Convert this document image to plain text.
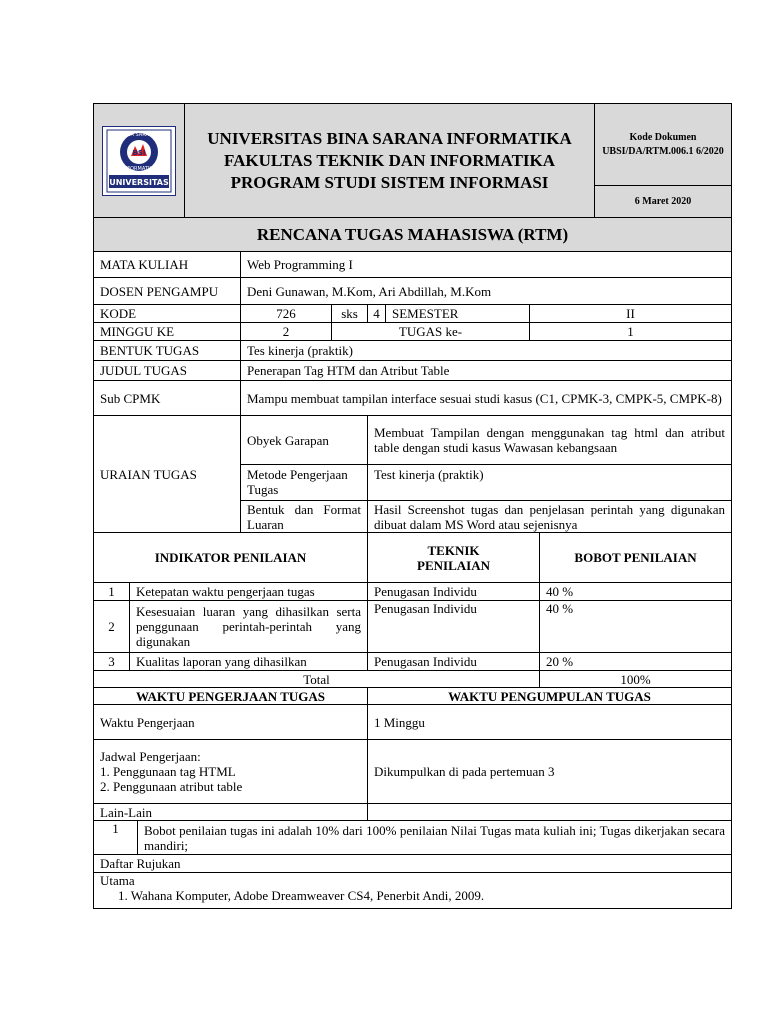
BINA SARANA
INFORMATIKA
BSI
UNIVERSITAS

UNIVERSITAS BINA SARANA INFORMATIKA
FAKULTAS TEKNIK DAN INFORMATIKA
PROGRAM STUDI SISTEM INFORMASI

Kode Dokumen
UBSI/DA/RTM.006.1 6/2020

6 Maret 2020
RENCANA TUGAS MAHASISWA (RTM)
MATA KULIAH	Web Programming I				
DOSEN PENGAMPU	Deni Gunawan, M.Kom, Ari Abdillah, M.Kom				
KODE	726	sks	4	SEMESTER	II
MINGGU KE	2	TUGAS ke-			1
BENTUK TUGAS	Tes kinerja (praktik)				
JUDUL TUGAS	Penerapan Tag HTM dan Atribut Table				
Sub CPMK	Mampu membuat tampilan interface sesuai studi kasus (C1, CPMK-3, CMPK-5, CMPK-8)				
URAIAN TUGAS	Obyek Garapan	Membuat Tampilan dengan menggunakan tag html dan atribut table dengan studi kasus Wawasan kebangsaan
	Metode Pengerjaan Tugas	Test kinerja (praktik)
	Bentuk dan Format Luaran	Hasil Screenshot tugas dan penjelasan perintah yang digunakan dibuat dalam MS Word atau sejenisnya
INDIKATOR PENILAIAN		TEKNIK PENILAIAN	BOBOT PENILAIAN
1	Ketepatan waktu pengerjaan tugas	Penugasan Individu	40 %
2	Kesesuaian luaran yang dihasilkan serta penggunaan perintah-perintah yang digunakan	Penugasan Individu	40 %
3	Kualitas laporan yang dihasilkan	Penugasan Individu	20 %
Total			100%
WAKTU PENGERJAAN TUGAS	WAKTU PENGUMPULAN TUGAS
Waktu Pengerjaan	1 Minggu

Jadwal Pengerjaan:
1. Penggunaan tag HTML
2. Penggunaan atribut table	Dikumpulkan di pada pertemuan 3
Lain-Lain		
1	Bobot penilaian tugas ini adalah 10% dari 100% penilaian Nilai Tugas mata kuliah ini; Tugas dikerjakan secara mandiri;	
Daftar Rujukan		

Utama
1. Wahana Komputer, Adobe Dreamweaver CS4, Penerbit Andi, 2009.		
